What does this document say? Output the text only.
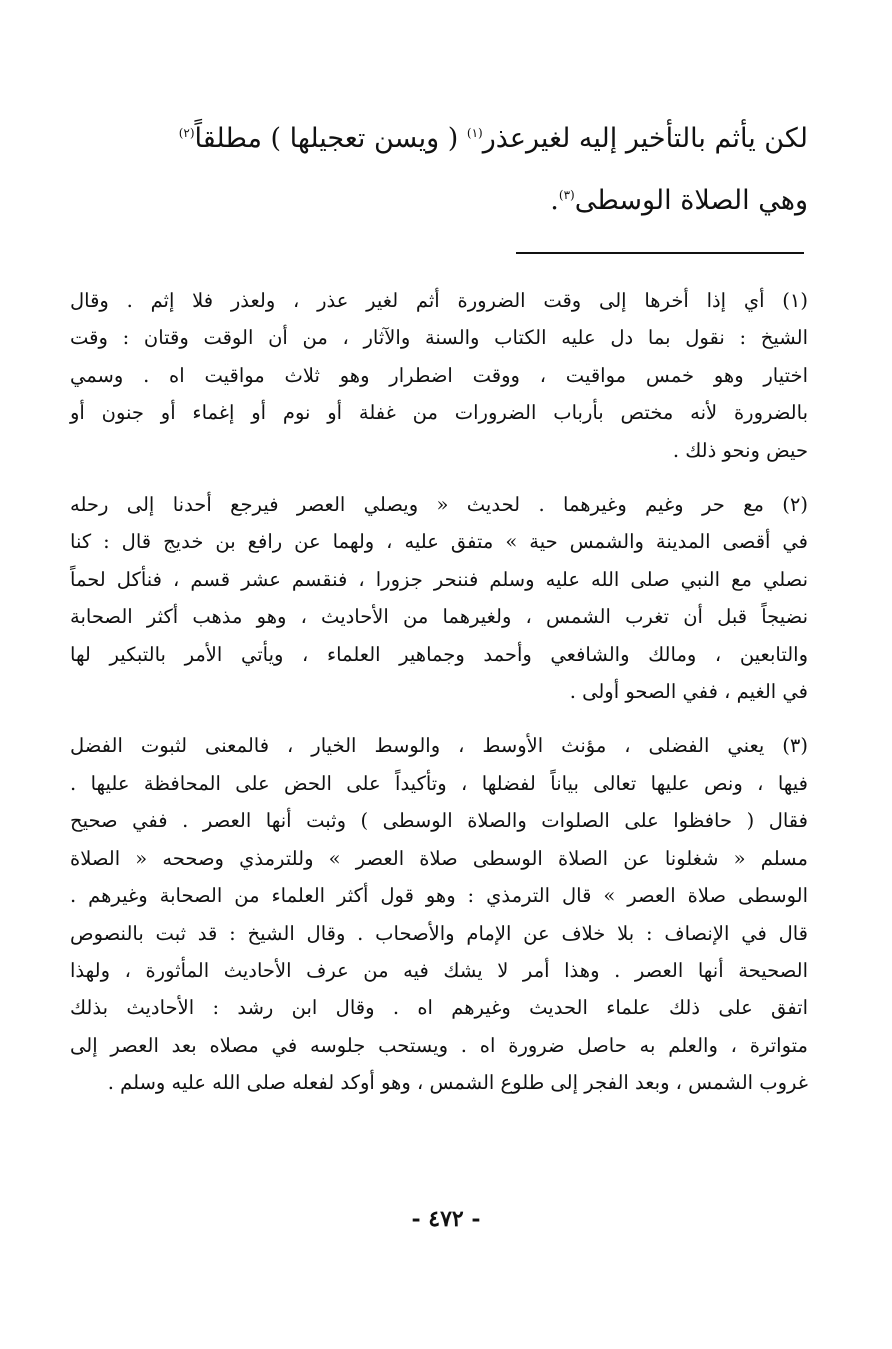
لكن يأثم بالتأخير إليه لغيرعذر$^{(١)}$ ( ويسن تعجيلها ) مطلقاً$^{(٢)}$
وهي الصلاة الوسطى$^{(٣)}$.
(١) أي إذا أخرها إلى وقت الضرورة أثم لغير عذر ، ولعذر فلا إثم . وقال
الشيخ : نقول بما دل عليه الكتاب والسنة والآثار ، من أن الوقت وقتان : وقت
اختيار وهو خمس مواقيت ، ووقت اضطرار وهو ثلاث مواقيت اه . وسمي
بالضرورة لأنه مختص بأرباب الضرورات من غفلة أو نوم أو إغماء أو جنون أو
حيض ونحو ذلك .
(٢) مع حر وغيم وغيرهما . لحديث « ويصلي العصر فيرجع أحدنا إلى رحله
في أقصى المدينة والشمس حية » متفق عليه ، ولهما عن رافع بن خديج قال : كنا
نصلي مع النبي صلى الله عليه وسلم فننحر جزورا ، فنقسم عشر قسم ، فنأكل لحماً
نضيجاً قبل أن تغرب الشمس ، ولغيرهما من الأحاديث ، وهو مذهب أكثر الصحابة
والتابعين ، ومالك والشافعي وأحمد وجماهير العلماء ، ويأتي الأمر بالتبكير لها
في الغيم ، ففي الصحو أولى .
(٣) يعني الفضلى ، مؤنث الأوسط ، والوسط الخيار ، فالمعنى لثبوت الفضل
فيها ، ونص عليها تعالى بياناً لفضلها ، وتأكيداً على الحض على المحافظة عليها .
فقال ( حافظوا على الصلوات والصلاة الوسطى ) وثبت أنها العصر . ففي صحيح
مسلم « شغلونا عن الصلاة الوسطى صلاة العصر » وللترمذي وصححه « الصلاة
الوسطى صلاة العصر » قال الترمذي : وهو قول أكثر العلماء من الصحابة وغيرهم .
قال في الإنصاف : بلا خلاف عن الإمام والأصحاب . وقال الشيخ : قد ثبت بالنصوص
الصحيحة أنها العصر . وهذا أمر لا يشك فيه من عرف الأحاديث المأثورة ، ولهذا
اتفق على ذلك علماء الحديث وغيرهم اه . وقال ابن رشد : الأحاديث بذلك
متواترة ، والعلم به حاصل ضرورة اه . ويستحب جلوسه في مصلاه بعد العصر إلى
غروب الشمس ، وبعد الفجر إلى طلوع الشمس ، وهو أوكد لفعله صلى الله عليه وسلم .
- ٤٧٢ -
